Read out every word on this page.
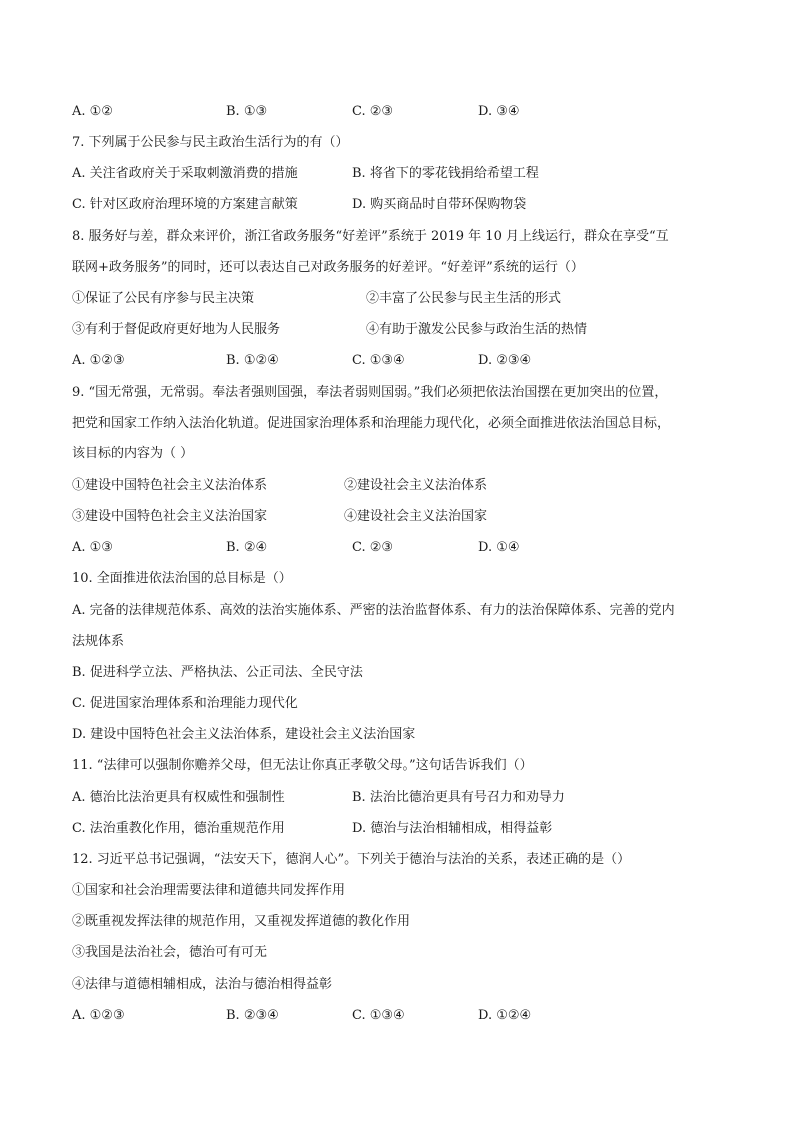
A. ①②	B. ①③	C. ②③	D. ③④
7. 下列属于公民参与民主政治生活行为的有（）
A. 关注省政府关于采取刺激消费的措施	B. 将省下的零花钱捐给希望工程
C. 针对区政府治理环境的方案建言献策	D. 购买商品时自带环保购物袋
8. 服务好与差，群众来评价，浙江省政务服务“好差评”系统于 2019 年 10 月上线运行，群众在享受“互
联网+政务服务”的同时，还可以表达自己对政务服务的好差评。“好差评”系统的运行（）
①保证了公民有序参与民主决策	②丰富了公民参与民主生活的形式
③有利于督促政府更好地为人民服务	④有助于激发公民参与政治生活的热情
A. ①②③	B. ①②④	C. ①③④	D. ②③④
9. “国无常强，无常弱。奉法者强则国强，奉法者弱则国弱。”我们必须把依法治国摆在更加突出的位置，
把党和国家工作纳入法治化轨道。促进国家治理体系和治理能力现代化，必须全面推进依法治国总目标，
该目标的内容为（ ）
①建设中国特色社会主义法治体系	②建设社会主义法治体系
③建设中国特色社会主义法治国家	④建设社会主义法治国家
A. ①③	B. ②④	C. ②③	D. ①④
10. 全面推进依法治国的总目标是（）
A. 完备的法律规范体系、高效的法治实施体系、严密的法治监督体系、有力的法治保障体系、完善的党内
法规体系
B. 促进科学立法、严格执法、公正司法、全民守法
C. 促进国家治理体系和治理能力现代化
D. 建设中国特色社会主义法治体系，建设社会主义法治国家
11. “法律可以强制你赡养父母，但无法让你真正孝敬父母。”这句话告诉我们（）
A. 德治比法治更具有权威性和强制性	B. 法治比德治更具有号召力和劝导力
C. 法治重教化作用，德治重规范作用	D. 德治与法治相辅相成，相得益彰
12. 习近平总书记强调，“法安天下，德润人心”。下列关于德治与法治的关系，表述正确的是（）
①国家和社会治理需要法律和道德共同发挥作用
②既重视发挥法律的规范作用，又重视发挥道德的教化作用
③我国是法治社会，德治可有可无
④法律与道德相辅相成，法治与德治相得益彰
A. ①②③	B. ②③④	C. ①③④	D. ①②④
